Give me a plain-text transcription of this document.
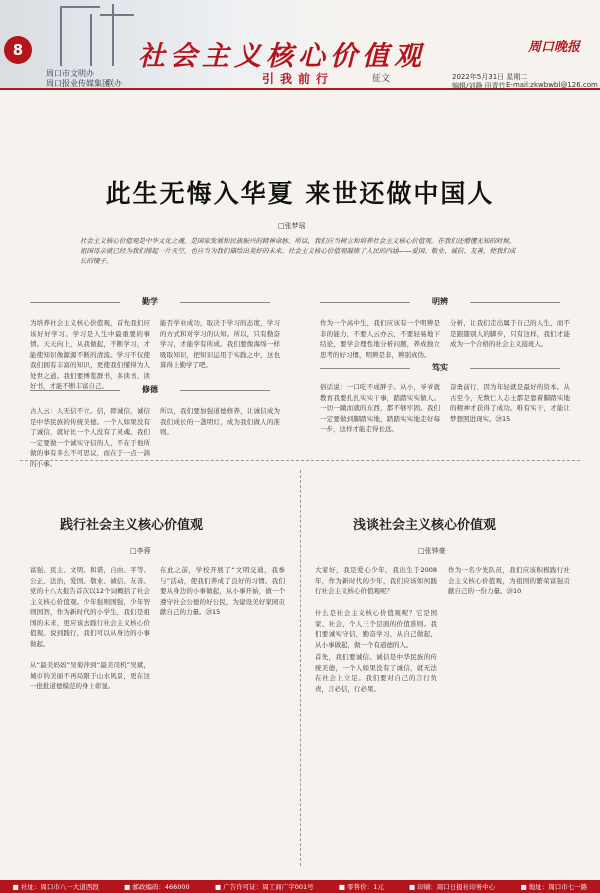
8
周口市文明办
周口报业传媒集团
联办
社会主义核心价值观	周口晚报
引我前行	征文	2022年5月31日 星期二
编辑/刘静 田青竹 E-mail:zkwbwbl@126.com
此生无悔入华夏 来世还做中国人
□张梦瑶
社会主义核心价值观是中华文化之魂，是国家发展和民族振兴的精神命脉。所以，我们应当树立和培养社会主义核心价值观。在我们还懵懂无知的时候，祖国母亲就已经为我们撑起一片天空，也应当为我们描绘出美好的未来。社会主义核心价值观凝练了人民的内涵——爱国、敬业、诚信、友善，使我们成长的镜子。
勤学
为培养社会主义核心价值观，首先我们应该好好学习。学习是人生中最重要的事情。天天向上，从我做起，不断学习，才能使知识像源源不断的清流。学习不仅使我们拥有丰富的知识，更使我们懂得为人处世之道。我们要博览群书，多读书、读好书，才能不断丰富自己。
能否学业成功，取决于学习的态度，学习的方式和对学习的认知。所以，只有勤奋学习，才能学有所成。我们要像海绵一样吸取知识，把知识运用于实践之中，这也算得上勤学了吧。
明辨
作为一个高中生，我们应该有一个明辨是非的能力，不要人云亦云，不要轻易地下结论，要学会理性地分析问题，养成独立思考的好习惯，明辨是非，辨别真伪。
分析，让我们走出属于自己的人生，而不是跟随别人的脚步，只有这样，我们才能成为一个合格的社会主义接班人。
修德
古人云：人无信不立。信，即诚信，诚信是中华民族的传统美德。一个人如果没有了诚信，就好比一个人没有了灵魂。我们一定要做一个诚实守信的人，不在于他所做的事有多么不可思议，而在于一点一滴的小事。
所以，我们要加强道德修养，让诚信成为我们成长的一盏明灯，成为我们做人的准则。
笃实
俗话说：一口吃不成胖子。从小，爷爷就教育我要扎扎实实干事，踏踏实实做人。一切一蹴而就的东西，都不够牢固。我们一定要做到脚踏实地，踏踏实实地走好每一步，这样才能走得长远。
奋勇前行，因为年轻就是最好的资本。从古至今，无数仁人志士都是靠着脚踏实地的精神才获得了成功。唯有实干，才能让梦想照进现实。⑳15
践行社会主义核心价值观
□李蓉
富强、民主、文明、和谐，自由、平等、公正、法治，爱国、敬业、诚信、友善。党的十八大报告首次以12个词概括了社会主义核心价值观。少年强则国强，少年智则国智，作为新时代的小学生，我们是祖国的未来，更应该去践行社会主义核心价值观。说到践行，我们可以从身边的小事做起。
从“最美妈妈”吴菊萍到“最美司机”吴斌，城市的美丽不再局限于山水风景，更在这一批批道德模范的身上彰显。
在此之前，学校开展了“文明交通，我参与”活动，使我们养成了良好的习惯。我们要从身边的小事做起，从小事开始，做一个遵守社会公德的好公民，为建设美好家园贡献自己的力量。⑳15
浅谈社会主义核心价值观
□张钟豪
大家好，我是爱心少年，我出生于2008年，作为新时代的少年，我们应该如何践行社会主义核心价值观呢？
什么是社会主义核心价值观呢？它是国家、社会、个人三个层面的价值准则。我们要诚实守信，勤奋学习，从自己做起，从小事做起，做一个有道德的人。
首先，我们要诚信。诚信是中华民族的传统美德，一个人如果没有了诚信，就无法在社会上立足。我们要对自己的言行负责，言必信，行必果。
作为一名少先队员，我们应该积极践行社会主义核心价值观，为祖国的繁荣富强贡献自己的一份力量。⑳10
■ 社址：周口市八一大道西段	■ 邮政编码：466000	■ 广告许可证：周工商广字001号	■ 零售价：1元	■ 印刷：周口日报社印务中心	■ 地址：周口市七一路
